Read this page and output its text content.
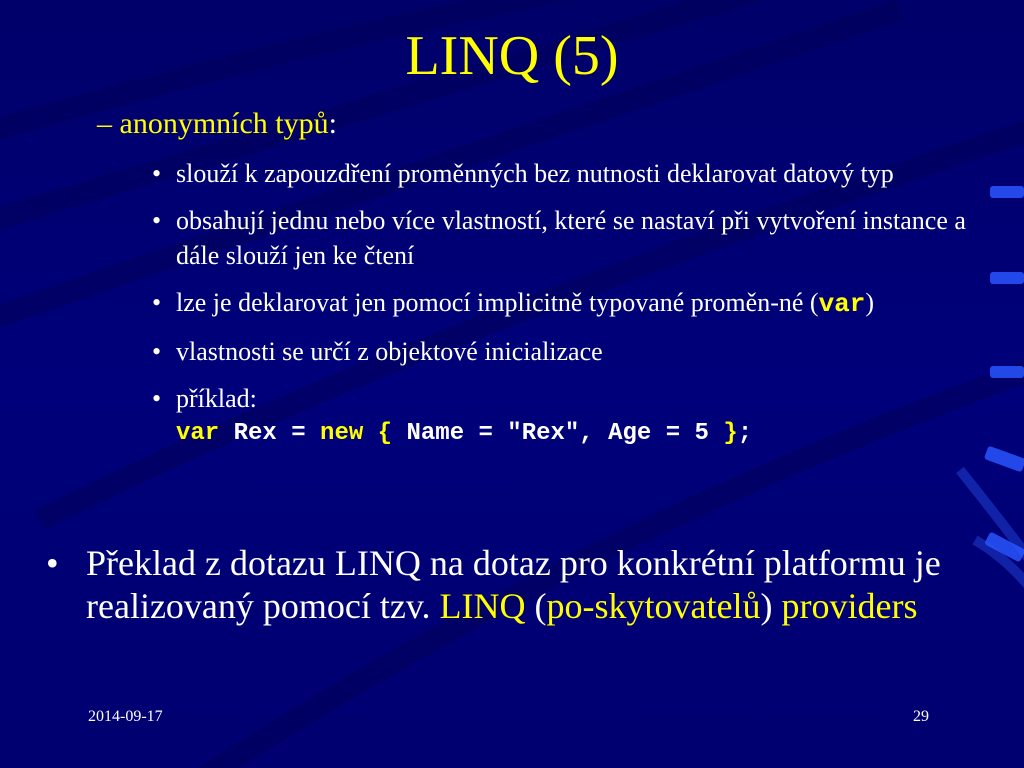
LINQ (5)
– anonymních typů:
• slouží k zapouzdření proměnných bez nutnosti deklarovat datový typ
• obsahují jednu nebo více vlastností, které se nastaví při vytvoření instance a dále slouží jen ke čtení
• lze je deklarovat jen pomocí implicitně typované proměn-né (var)
• vlastnosti se určí z objektové inicializace
• příklad:
var Rex = new { Name = "Rex", Age = 5 };
• Překlad z dotazu LINQ na dotaz pro konkrétní platformu je realizovaný pomocí tzv. LINQ (po-skytovatelů) providers
2014-09-17	29
